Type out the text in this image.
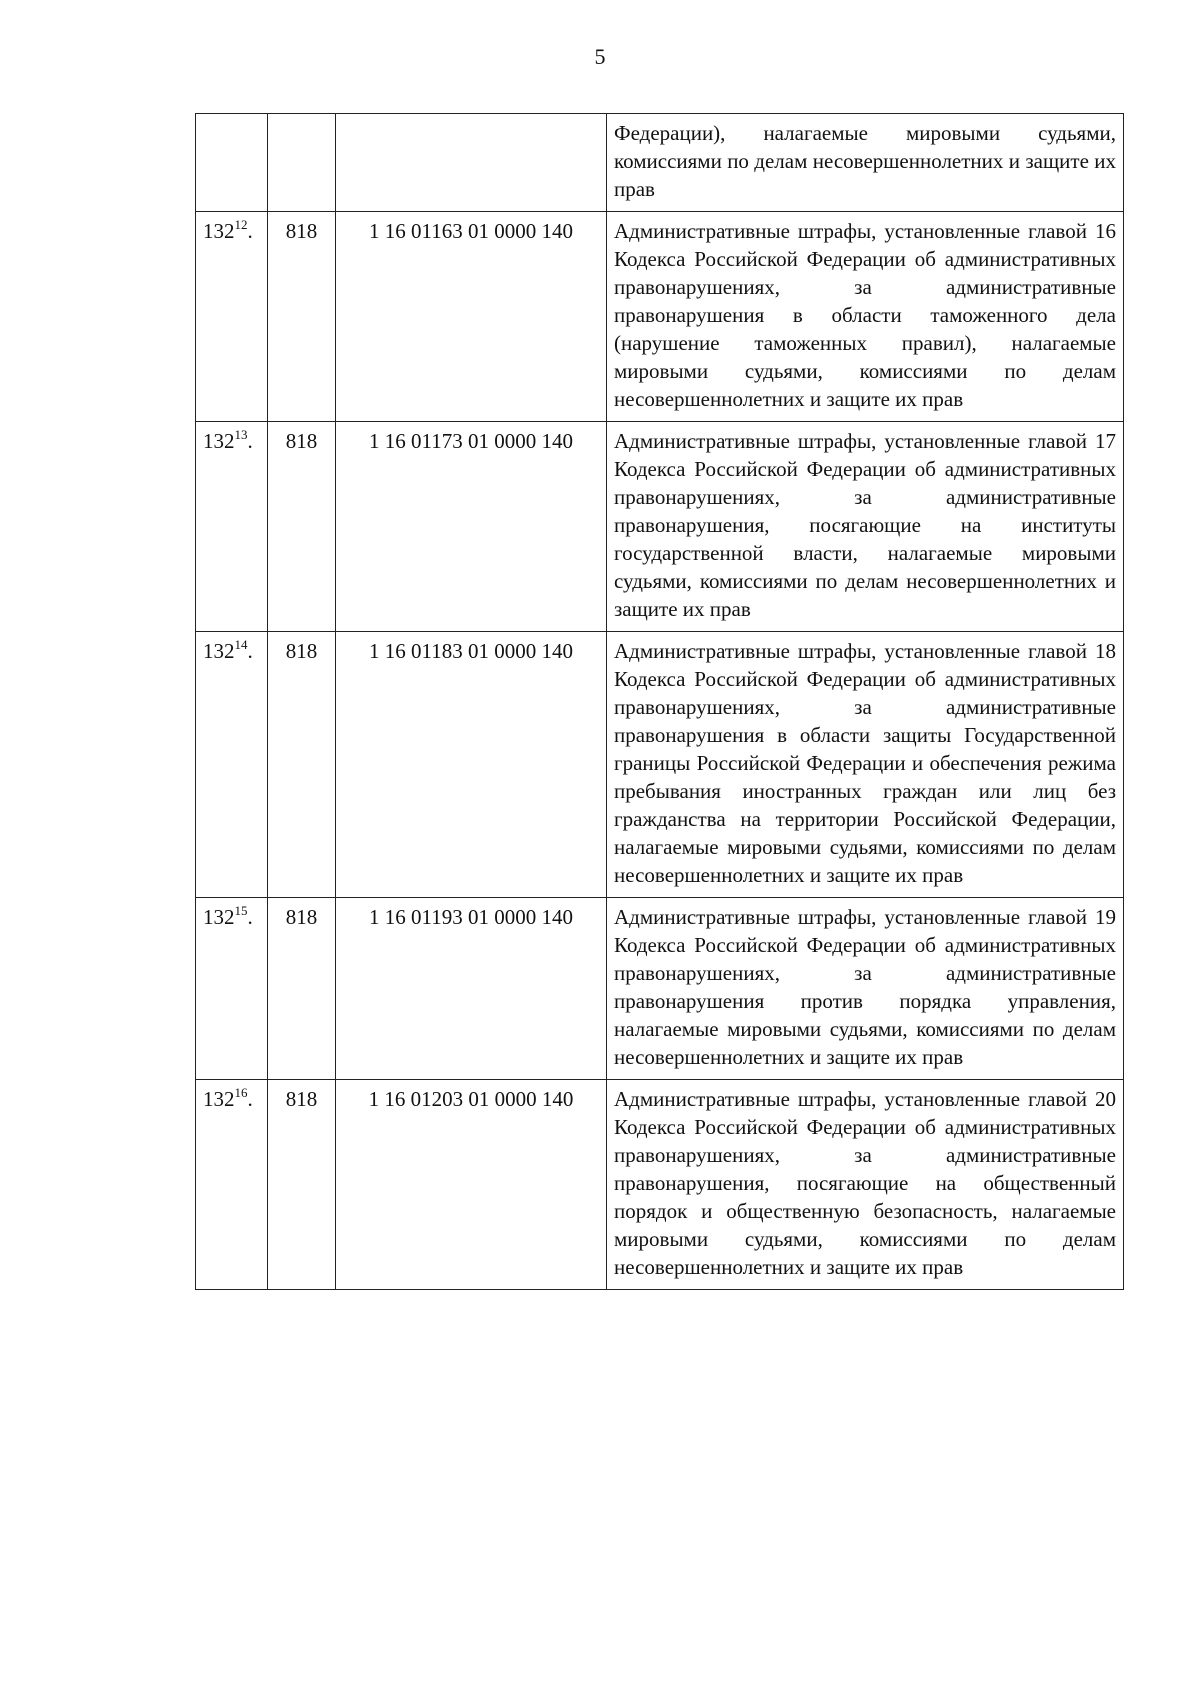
5
			Федерации), налагаемые мировыми судьями, комиссиями по делам несовершеннолетних и защите их прав
$132^{12}$.	818	1 16 01163 01 0000 140	Административные штрафы, установленные главой 16 Кодекса Российской Федерации об административных правонарушениях, за административные правонарушения в области таможенного дела (нарушение таможенных правил), налагаемые мировыми судьями, комиссиями по делам несовершеннолетних и защите их прав
$132^{13}$.	818	1 16 01173 01 0000 140	Административные штрафы, установленные главой 17 Кодекса Российской Федерации об административных правонарушениях, за административные правонарушения, посягающие на институты государственной власти, налагаемые мировыми судьями, комиссиями по делам несовершеннолетних и защите их прав
$132^{14}$.	818	1 16 01183 01 0000 140	Административные штрафы, установленные главой 18 Кодекса Российской Федерации об административных правонарушениях, за административные правонарушения в области защиты Государственной границы Российской Федерации и обеспечения режима пребывания иностранных граждан или лиц без гражданства на территории Российской Федерации, налагаемые мировыми судьями, комиссиями по делам несовершеннолетних и защите их прав
$132^{15}$.	818	1 16 01193 01 0000 140	Административные штрафы, установленные главой 19 Кодекса Российской Федерации об административных правонарушениях, за административные правонарушения против порядка управления, налагаемые мировыми судьями, комиссиями по делам несовершеннолетних и защите их прав
$132^{16}$.	818	1 16 01203 01 0000 140	Административные штрафы, установленные главой 20 Кодекса Российской Федерации об административных правонарушениях, за административные правонарушения, посягающие на общественный порядок и общественную безопасность, налагаемые мировыми судьями, комиссиями по делам несовершеннолетних и защите их прав
